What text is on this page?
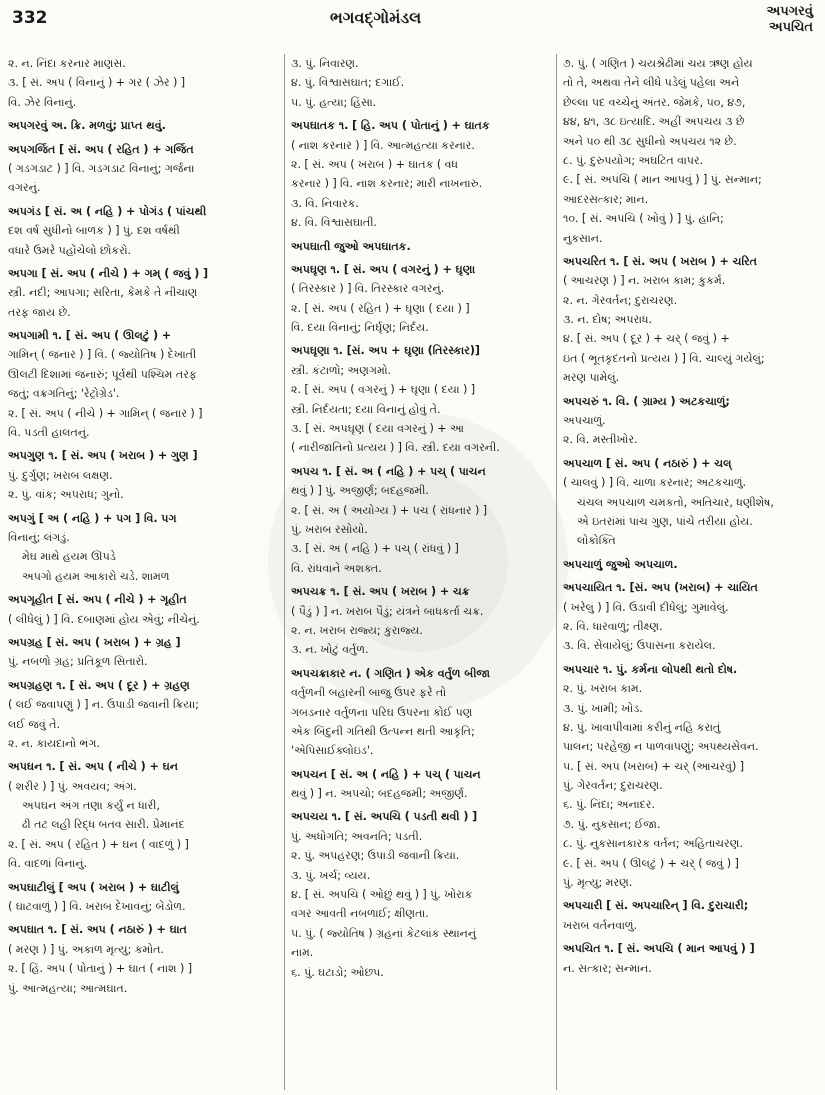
332	ભગવદ્ગોમંડલ	અપગરવું
અપચિત
૨. ન. નિંદા કરનાર માણસ.
૩. [ સં. અપ ( વિનાનું ) + ગર ( ઝેર ) ]
વિ. ઝેર વિનાનું.
અપગરવું અ. ક્રિ. મળવું; પ્રાપ્ત થવું.
અપગર્જિત [ સં. અપ ( રહિત ) + ગર્જિત
( ગડગડાટ ) ] વિ. ગડગડાટ વિનાનું; ગર્જના
વગરનું.
અપગંડ [ સં. અ ( નહિ ) + પોગંડ ( પાંચથી
દશ વર્ષ સુધીનો બાળક ) ] પું. દશ વર્ષથી
વધારે ઉમરે પહોંચેલો છોકરો.
અપગા [ સં. અપ ( નીચે ) + ગમ્ ( જવું ) ]
સ્ત્રી. નદી; આપગા; સરિતા, કેમકે તે નીચાણ
તરફ જાય છે.
અપગામી ૧. [ સં. અપ ( ઊલટું ) +
ગામિન્ ( જનાર ) ] વિ. ( જ્યોતિષ ) દેખાતી
ઊલટી દિશામાં જનારું; પૂર્વથી પશ્ચિમ તરફ
જતું; વક્રગતિનું; 'રેટ્રોગ્રેડ'.
૨. [ સં. અપ ( નીચે ) + ગામિન્ ( જનાર ) ]
વિ. પડતી હાલતનું.
અપગુણ ૧. [ સં. અપ ( ખરાબ ) + ગુણ ]
પું. દુર્ગુણ; ખરાબ લક્ષણ.
૨. પું. વાંક; અપરાધ; ગુનો.
અપગું [ અ ( નહિ ) + પગ ] વિ. પગ
વિનાનું; લંગડું.
મેઘ માથે હયમ ઊપડે
અપગો હયમ આકારો ચડે. શામળ
અપગૃહીત [ સં. અપ ( નીચે ) + ગૃહીત
( લીધેલું ) ] વિ. દબાણમાં હોય એવું; નીચેનું.
અપગ્રહ [ સં. અપ ( ખરાબ ) + ગ્રહ ]
પું. નબળો ગ્રહ; પ્રતિકૂળ સિતારો.
અપગ્રહણ ૧. [ સં. અપ ( દૂર ) + ગ્રહણ
( લઈ જવાપણું ) ] ન. ઉપાડી જવાની ક્રિયા;
લઈ જવું તે.
૨. ન. કાયદાનો ભંગ.
અપઘન ૧. [ સં. અપ ( નીચે ) + ઘન
( શરીર ) ] પું. અવયવ; અંગ.
અપઘન અંગ તણા કર્યું ન ધારી,
ઢી તટ લહી રિદ્ધ બતવ સારી. પ્રેમાનંદ
૨. [ સં. અપ ( રહિત ) + ઘન ( વાદળું ) ]
વિ. વાદળાં વિનાનું.
અપઘાટીલું [ અપ ( ખરાબ ) + ઘાટીલું
( ઘાટવાળું ) ] વિ. ખરાબ દેખાવનું; બેડોળ.
અપઘાત ૧. [ સં. અપ ( નઠારું ) + ઘાત
( મરણ ) ] પું. અકાળ મૃત્યુ; કમોત.
૨. [ હિં. અપ ( પોતાનું ) + ઘાત ( નાશ ) ]
પું. આત્મહત્યા; આત્મઘાત.
૩. પું. નિવારણ.
૪. પું. વિશ્વાસઘાત; દગાઈ.
૫. પું. હત્યા; હિંસા.
અપઘાતક ૧. [ હિ. અપ ( પોતાનું ) + ઘાતક
( નાશ કરનાર ) ] વિ. આત્મહત્યા કરનાર.
૨. [ સં. અપ ( ખરાબ ) + ઘાતક ( વધ
કરનાર ) ] વિ. નાશ કરનાર; મારી નાખનારું.
૩. વિ. નિવારક.
૪. વિ. વિશ્વાસઘાતી.
અપઘાતી જુઓ અપઘાતક.
અપઘૃણ ૧. [ સં. અપ ( વગરનું ) + ઘૃણા
( તિરસ્કાર ) ] વિ. તિરસ્કાર વગરનું.
૨. [ સં. અપ ( રહિત ) + ઘૃણા ( દયા ) ]
વિ. દયા વિનાનું; નિર્ઘૃણ; નિર્દય.
અપઘૃણા ૧. [સં. અપ + ઘૃણા (તિરસ્કાર)]
સ્ત્રી. કંટાળો; અણગમો.
૨. [ સં. અપ ( વગરનું ) + ઘૃણા ( દયા ) ]
સ્ત્રી. નિર્દયતા; દયા વિનાનું હોવું તે.
૩. [ સં. અપઘૃણ ( દયા વગરનું ) + આ
( નારીજાતિનો પ્રત્યય ) ] વિ. સ્ત્રી. દયા વગરની.
અપચ ૧. [ સં. અ ( નહિ ) + પચ્ ( પાચન
થવું ) ] પું. અજીર્ણ; બદહજમી.
૨. [ સં. અ ( અયોગ્ય ) + પચ ( રાંધનાર ) ]
પું. ખરાબ રસોયો.
૩. [ સં. અ ( નહિ ) + પચ્ ( રાંધવું ) ]
વિ. રાંધવાને અશક્ત.
અપચક્ર ૧. [ સં. અપ ( ખરાબ ) + ચક્ર
( પૈડું ) ] ન. ખરાબ પૈડું; યંત્રને બાધકર્તા ચક્ર.
૨. ન. ખરાબ રાજ્ય; કુરાજ્ય.
૩. ન. ખોટું વર્તુળ.
અપચક્રાકાર ન. ( ગણિત ) એક વર્તુળ બીજા
વર્તુળની બહારની બાજુ ઉપર ફરે તો
ગબડનાર વર્તુળના પરિઘ ઉપરના કોઈ પણ
એક બિંદુની ગતિથી ઉત્પન્ન થતી આકૃતિ;
'એપિસાઈક્લોઇડ'.
અપચન [ સં. અ ( નહિ ) + પચ્ ( પાચન
થવું ) ] ન. અપચો; બદહજમી; અજીર્ણ.
અપચય ૧. [ સં. અપચિ ( પડતી થવી ) ]
પું. અધોગતિ; અવનતિ; પડતી.
૨. પું. અપહરણ; ઉપાડી જવાની ક્રિયા.
૩. પું. ખર્ચ; વ્યય.
૪. [ સં. અપચિ ( ઓછું થવું ) ] પું. ખોરાક
વગર આવતી નબળાઈ; ક્ષીણતા.
૫. પું. ( જ્યોતિષ ) ગ્રહનાં કેટલાંક સ્થાનનું
નામ.
૬. પું. ઘટાડો; ઓછપ.
૭. પું. ( ગણિત ) ચયશ્રેઢીમાં ચય ઋણ હોય
તો તે, અથવા તેને લીધે પડેલું પહેલા અને
છેલ્લા પદ વચ્ચેનું અંતર. જેમકે, ૫૦, ૪૭,
૪૪, ૪૧, ૩૮ ઇત્યાદિ. અહીં અપચય ૩ છે
અને ૫૦ થી ૩૮ સુધીનો અપચય ૧૨ છે.
૮. પું. દુરુપયોગ; અઘટિત વાપર.
૯. [ સં. અપચિ ( માન આપવું ) ] પું. સન્માન;
આદરસત્કાર; માન.
૧૦. [ સં. અપચિ ( ખોવું ) ] પું. હાનિ;
નુકસાન.
અપચરિત ૧. [ સં. અપ ( ખરાબ ) + ચરિત
( આચરણ ) ] ન. ખરાબ કામ; કુકર્મ.
૨. ન. ગેરવર્તન; દુરાચરણ.
૩. ન. દોષ; અપરાધ.
૪. [ સં. અપ ( દૂર ) + ચર્ ( જવું ) +
ઇત ( ભૂતકૃદંતનો પ્રત્યય ) ] વિ. ચાલ્યું ગયેલું;
મરણ પામેલું.
અપચરું ૧. વિ. ( ગ્રામ્ય ) અટકચાળું;
અપચાળું.
૨. વિ. મસ્તીખોર.
અપચાળ [ સં. અપ ( નઠારું ) + ચલ્
( ચાલવું ) ] વિ. ચાળા કરનાર; અટકચાળું.
ચંચલ અપચાળ ચમકતો, અતિચાર, ધણીશેષ,
એ ઇતરાંમાં પાંચ ગુણ, પાંચે તરીયા હોય.
લોકોક્તિ
અપચાળું જુઓ અપચાળ.
અપચાયિત ૧. [સં. અપ (ખરાબ) + ચાયિત
( ખરેલું ) ] વિ. ઉડાવી દીધેલું; ગુમાવેલું.
૨. વિ. ધારવાળું; તીક્ષ્ણ.
૩. વિ. સેવાયેલું; ઉપાસના કરાયેલ.
અપચાર ૧. પું. કર્મના લોપથી થતો દોષ.
૨. પું. ખરાબ કામ.
૩. પું. ખામી; ખોડ.
૪. પું. ખાવાપીવામાં કરીનું નહિ કરાતું
પાલન; પરહેજી ન પાળવાપણું; અપથ્યસેવન.
૫. [ સં. અપ (ખરાબ) + ચર્ (આચરવું) ]
પું. ગેરવર્તન; દુરાચરણ.
૬. પું. નિંદા; અનાદર.
૭. પું. નુકસાન; ઈજા.
૮. પું. નુકસાનકારક વર્તન; અહિતાચરણ.
૯. [ સં. અપ ( ઊલટું ) + ચર્ ( જવું ) ]
પું. મૃત્યુ; મરણ.
અપચારી [ સં. અપચારિન્ ] વિ. દુરાચારી;
ખરાબ વર્તનવાળું.
અપચિત ૧. [ સં. અપચિ ( માન આપવું ) ]
ન. સત્કાર; સન્માન.
